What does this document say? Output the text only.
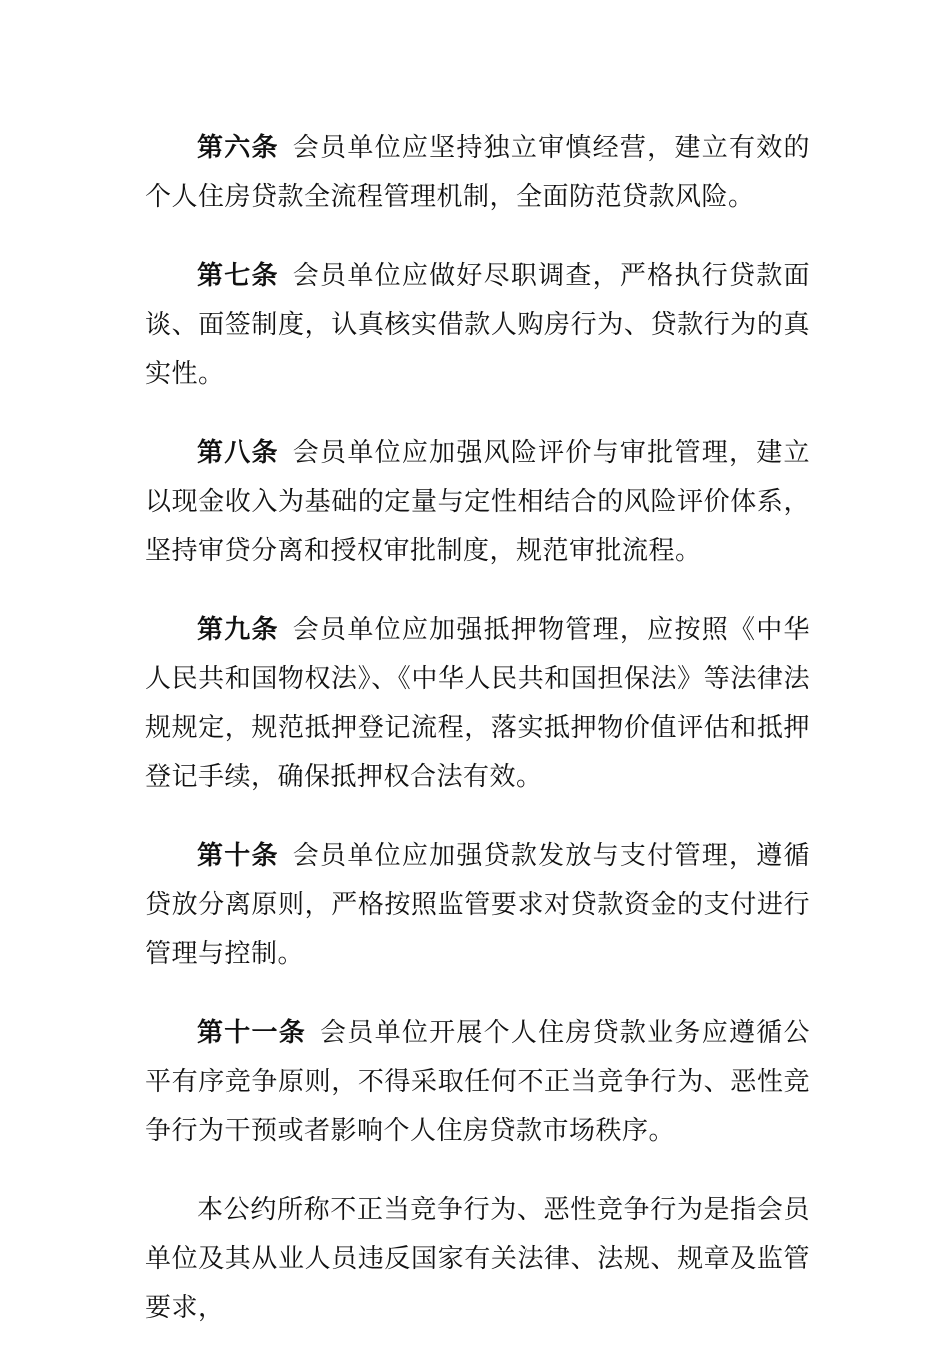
第六条 会员单位应坚持独立审慎经营，建立有效的个人住房贷款全流程管理机制，全面防范贷款风险。

第七条 会员单位应做好尽职调查，严格执行贷款面谈、面签制度，认真核实借款人购房行为、贷款行为的真实性。

第八条 会员单位应加强风险评价与审批管理，建立以现金收入为基础的定量与定性相结合的风险评价体系，坚持审贷分离和授权审批制度，规范审批流程。

第九条 会员单位应加强抵押物管理，应按照《中华人民共和国物权法》、《中华人民共和国担保法》等法律法规规定，规范抵押登记流程，落实抵押物价值评估和抵押登记手续，确保抵押权合法有效。

第十条 会员单位应加强贷款发放与支付管理，遵循贷放分离原则，严格按照监管要求对贷款资金的支付进行管理与控制。

第十一条 会员单位开展个人住房贷款业务应遵循公平有序竞争原则，不得采取任何不正当竞争行为、恶性竞争行为干预或者影响个人住房贷款市场秩序。

本公约所称不正当竞争行为、恶性竞争行为是指会员单位及其从业人员违反国家有关法律、法规、规章及监管要求，
